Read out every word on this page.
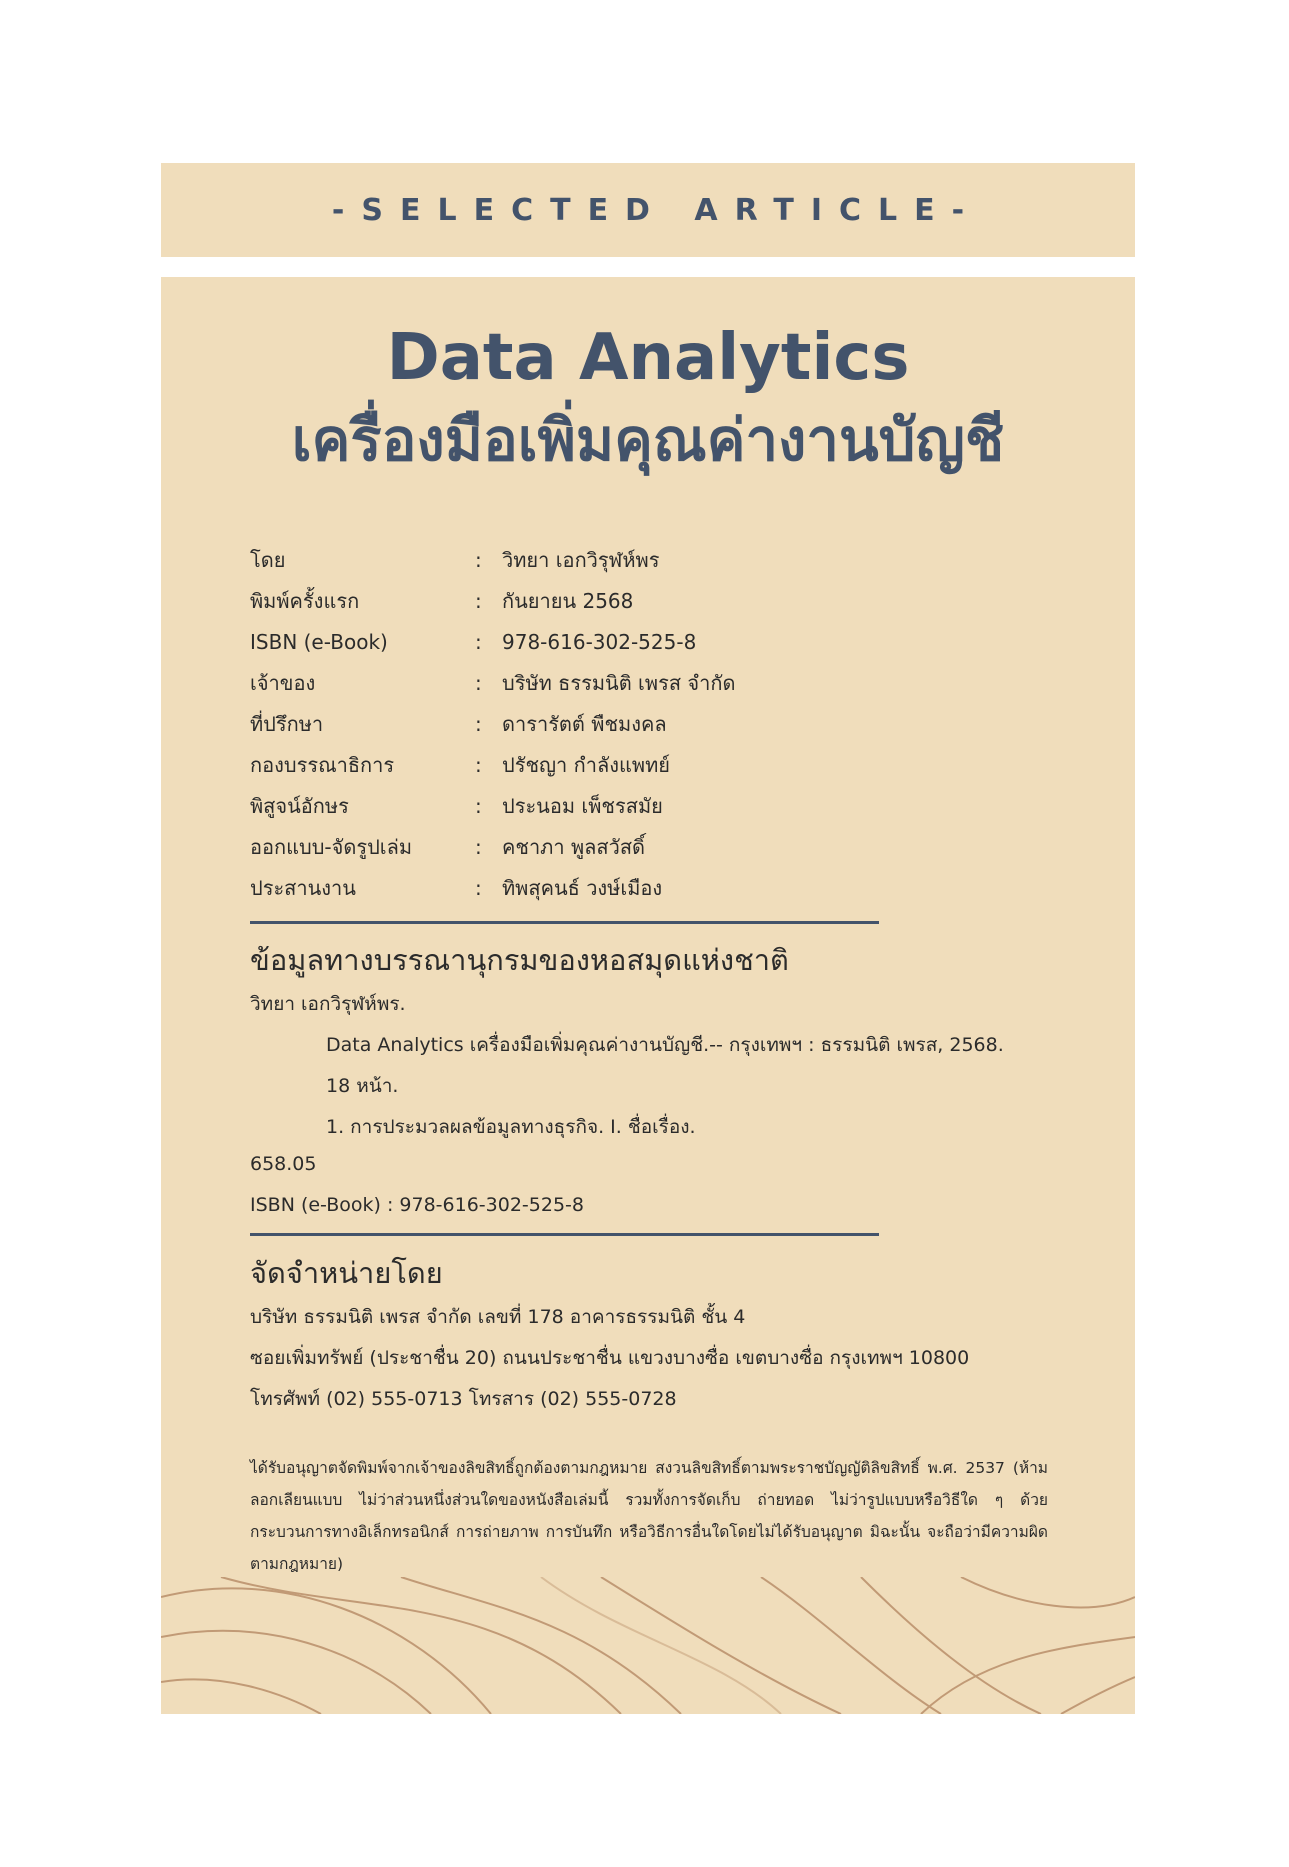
-SELECTED ARTICLE-
Data Analytics
เครื่องมือเพิ่มคุณค่างานบัญชี
โดย	:	วิทยา เอกวิรุฬห์พร
พิมพ์ครั้งแรก	:	กันยายน 2568
ISBN (e-Book)	:	978-616-302-525-8
เจ้าของ	:	บริษัท ธรรมนิติ เพรส จำกัด
ที่ปรึกษา	:	ดารารัตต์ พืชมงคล
กองบรรณาธิการ	:	ปรัชญา กำลังแพทย์
พิสูจน์อักษร	:	ประนอม เพ็ชรสมัย
ออกแบบ-จัดรูปเล่ม	:	คชาภา พูลสวัสดิ์
ประสานงาน	:	ทิพสุคนธ์ วงษ์เมือง
ข้อมูลทางบรรณานุกรมของหอสมุดแห่งชาติ
วิทยา เอกวิรุฬห์พร.
Data Analytics เครื่องมือเพิ่มคุณค่างานบัญชี.-- กรุงเทพฯ : ธรรมนิติ เพรส, 2568.
18 หน้า.
1. การประมวลผลข้อมูลทางธุรกิจ. I. ชื่อเรื่อง.
658.05
ISBN (e-Book) : 978-616-302-525-8
จัดจำหน่ายโดย
บริษัท ธรรมนิติ เพรส จำกัด เลขที่ 178 อาคารธรรมนิติ ชั้น 4
ซอยเพิ่มทรัพย์ (ประชาชื่น 20) ถนนประชาชื่น แขวงบางซื่อ เขตบางซื่อ กรุงเทพฯ 10800
โทรศัพท์ (02) 555-0713 โทรสาร (02) 555-0728
ได้รับอนุญาตจัดพิมพ์จากเจ้าของลิขสิทธิ์ถูกต้องตามกฎหมาย สงวนลิขสิทธิ์ตามพระราชบัญญัติลิขสิทธิ์ พ.ศ. 2537 (ห้ามลอกเลียนแบบ ไม่ว่าส่วนหนึ่งส่วนใดของหนังสือเล่มนี้ รวมทั้งการจัดเก็บ ถ่ายทอด ไม่ว่ารูปแบบหรือวิธีใด ๆ ด้วยกระบวนการทางอิเล็กทรอนิกส์ การถ่ายภาพ การบันทึก หรือวิธีการอื่นใดโดยไม่ได้รับอนุญาต มิฉะนั้น จะถือว่ามีความผิดตามกฎหมาย)
